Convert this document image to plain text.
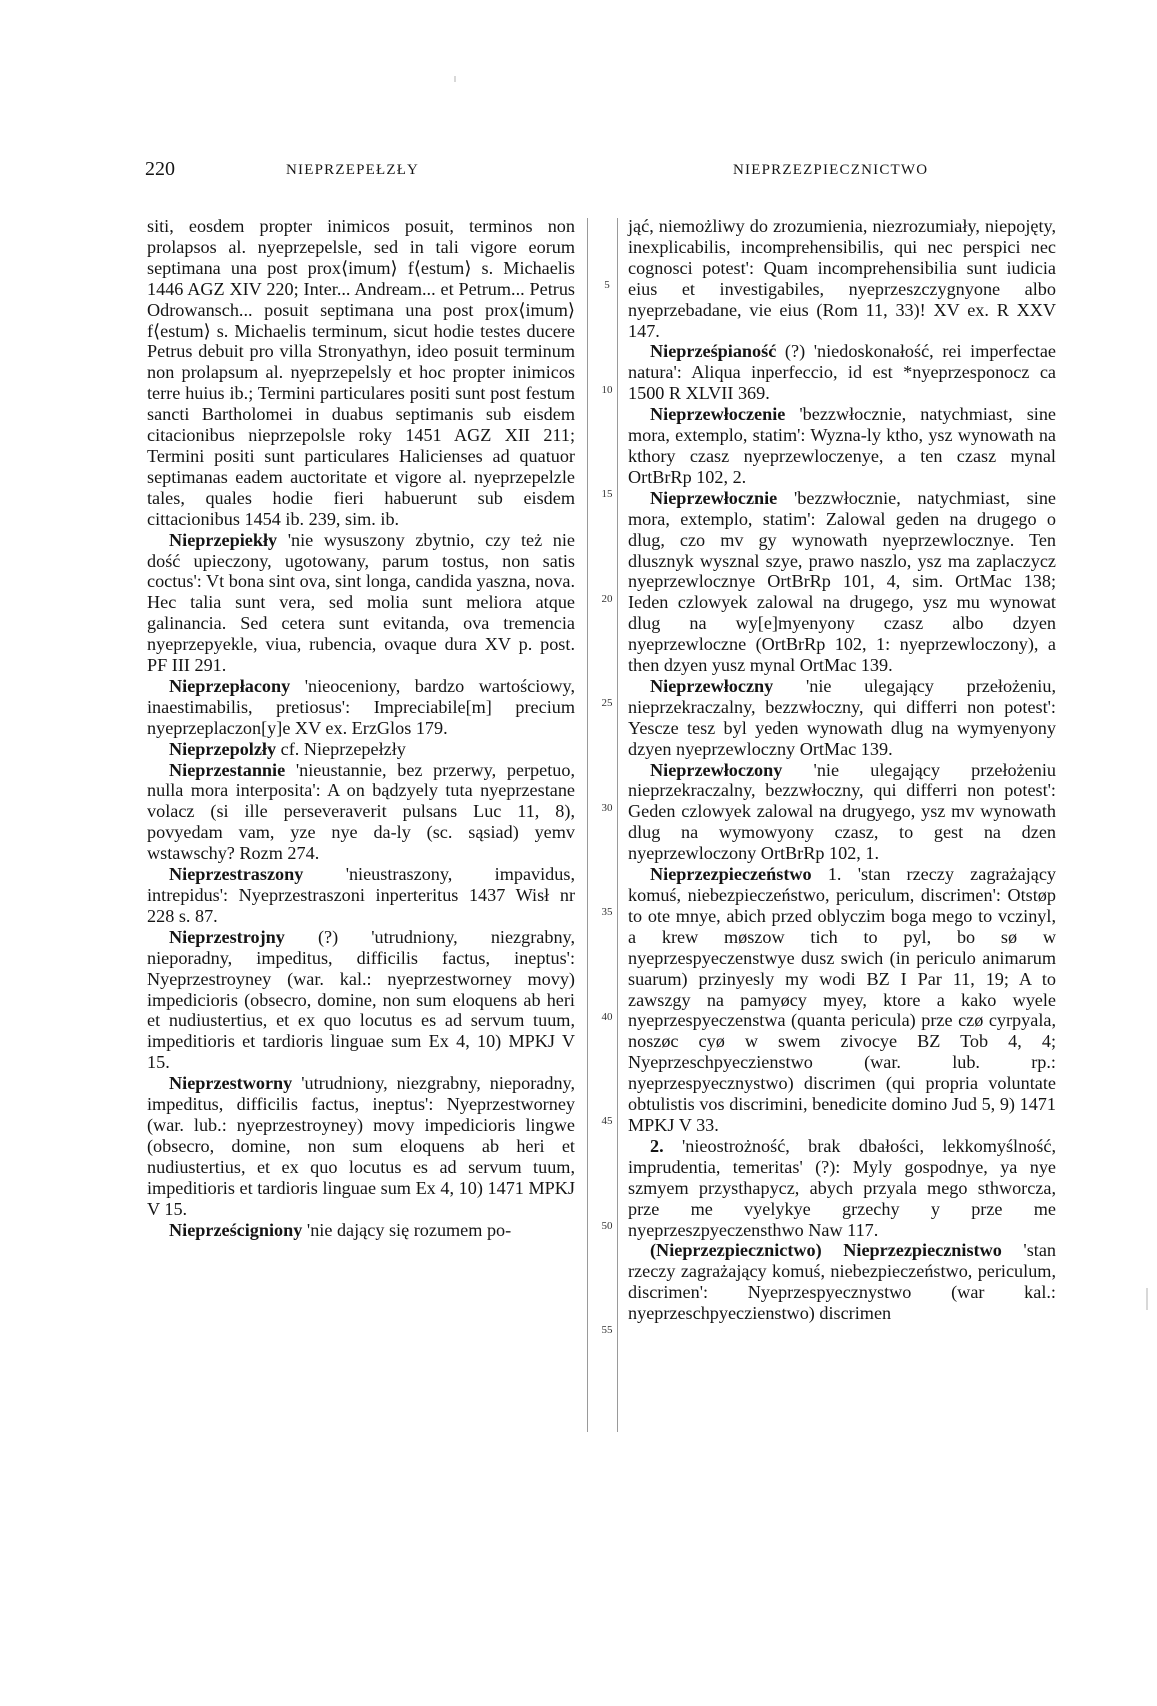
220	NIEPRZEPEŁZŁY	NIEPRZEZPIECZNICTWO
5
10
15
20
25
30
35
40
45
50
55

siti, eosdem propter inimicos posuit, terminos non prolapsos al. nyeprzepelsle, sed in tali vigore eorum septimana una post prox⟨imum⟩ f⟨estum⟩ s. Michaelis 1446 AGZ XIV 220; Inter... Andream... et Petrum... Petrus Odrowansch... posuit septimana una post prox⟨imum⟩ f⟨estum⟩ s. Michaelis terminum, sicut hodie testes ducere Petrus debuit pro villa Stronyathyn, ideo posuit terminum non prolapsum al. nyeprzepelsly et hoc propter inimicos terre huius ib.; Termini particulares positi sunt post festum sancti Bartholomei in duabus septimanis sub eisdem citacionibus nieprzepolsle roky 1451 AGZ XII 211; Termini positi sunt particulares Halicienses ad quatuor septimanas eadem auctoritate et vigore al. nyeprzepelzle tales, quales hodie fieri habuerunt sub eisdem cittacionibus 1454 ib. 239, sim. ib.

Nieprzepiekły 'nie wysuszony zbytnio, czy też nie dość upieczony, ugotowany, parum tostus, non satis coctus': Vt bona sint ova, sint longa, candida yaszna, nova. Hec talia sunt vera, sed molia sunt meliora atque galinancia. Sed cetera sunt evitanda, ova tremencia nyeprzepyekle, viua, rubencia, ovaque dura XV p. post. PF III 291.

Nieprzepłacony 'nieoceniony, bardzo wartościowy, inaestimabilis, pretiosus': Impreciabile[m] precium nyeprzeplaczon[y]e XV ex. ErzGlos 179.

Nieprzepolzły cf. Nieprzepełzły

Nieprzestannie 'nieustannie, bez przerwy, perpetuo, nulla mora interposita': A on bądzyely tuta nyeprzestane volacz (si ille perseveraverit pulsans Luc 11, 8), povyedam vam, yze nye da-ly (sc. sąsiad) yemv wstawschy? Rozm 274.

Nieprzestraszony 'nieustraszony, impavidus, intrepidus': Nyeprzestraszoni inperteritus 1437 Wisł nr 228 s. 87.

Nieprzestrojny (?) 'utrudniony, niezgrabny, nieporadny, impeditus, difficilis factus, ineptus': Nyeprzestroyney (war. kal.: nyeprzestworney movy) impedicioris (obsecro, domine, non sum eloquens ab heri et nudiustertius, et ex quo locutus es ad servum tuum, impeditioris et tardioris linguae sum Ex 4, 10) MPKJ V 15.

Nieprzestworny 'utrudniony, niezgrabny, nieporadny, impeditus, difficilis factus, ineptus': Nyeprzestworney (war. lub.: nyeprzestroyney) movy impedicioris lingwe (obsecro, domine, non sum eloquens ab heri et nudiustertius, et ex quo locutus es ad servum tuum, impeditioris et tardioris linguae sum Ex 4, 10) 1471 MPKJ V 15.

Nieprześcigniony 'nie dający się rozumem po-

jąć, niemożliwy do zrozumienia, niezrozumiały, niepojęty, inexplicabilis, incomprehensibilis, qui nec perspici nec cognosci potest': Quam incomprehensibilia sunt iudicia eius et investigabiles, nyeprzeszczygnyone albo nyeprzebadane, vie eius (Rom 11, 33)! XV ex. R XXV 147.

Nieprześpianość (?) 'niedoskonałość, rei imperfectae natura': Aliqua inperfeccio, id est *nyeprzesponocz ca 1500 R XLVII 369.

Nieprzewłoczenie 'bezzwłocznie, natychmiast, sine mora, extemplo, statim': Wyzna-ly ktho, ysz wynowath na kthory czasz nyeprzewloczenye, a ten czasz mynal OrtBrRp 102, 2.

Nieprzewłocznie 'bezzwłocznie, natychmiast, sine mora, extemplo, statim': Zalowal geden na drugego o dlug, czo mv gy wynowath nyeprzewlocznye. Ten dlusznyk wysznal szye, prawo naszlo, ysz ma zaplaczycz nyeprzewlocznye OrtBrRp 101, 4, sim. OrtMac 138; Ieden czlowyek zalowal na drugego, ysz mu wynowat dlug na wy[e]myenyony czasz albo dzyen nyeprzewloczne (OrtBrRp 102, 1: nyeprzewloczony), a then dzyen yusz mynal OrtMac 139.

Nieprzewłoczny 'nie ulegający przełożeniu, nieprzekraczalny, bezzwłoczny, qui differri non potest': Yescze tesz byl yeden wynowath dlug na wymyenyony dzyen nyeprzewloczny OrtMac 139.

Nieprzewłoczony 'nie ulegający przełożeniu nieprzekraczalny, bezzwłoczny, qui differri non potest': Geden czlowyek zalowal na drugyego, ysz mv wynowath dlug na wymowyony czasz, to gest na dzen nyeprzewloczony OrtBrRp 102, 1.

Nieprzezpieczeństwo 1. 'stan rzeczy zagrażający komuś, niebezpieczeństwo, periculum, discrimen': Otstøp to ote mnye, abich przed oblyczim boga mego to vczinyl, a krew møszow tich to pyl, bo sø w nyeprzespyeczenstwye dusz swich (in periculo animarum suarum) przinyesly my wodi BZ I Par 11, 19; A to zawszgy na pamyøcy myey, ktore a kako wyele nyeprzespyeczenstwa (quanta pericula) prze czø cyrpyala, noszøc cyø w swem zivocye BZ Tob 4, 4; Nyeprzeschpyeczienstwo (war. lub. rp.: nyeprzespyecznystwo) discrimen (qui propria voluntate obtulistis vos discrimini, benedicite domino Jud 5, 9) 1471 MPKJ V 33.

2. 'nieostrożność, brak dbałości, lekkomyślność, imprudentia, temeritas' (?): Myly gospodnye, ya nye szmyem przysthapycz, abych przyala mego sthworcza, prze me vyelykye grzechy y prze me nyeprzeszpyeczensthwo Naw 117.

(Nieprzezpiecznictwo) Nieprzezpiecznistwo 'stan rzeczy zagrażający komuś, niebezpieczeństwo, periculum, discrimen': Nyeprzespyecznystwo (war kal.: nyeprzeschpyeczienstwo) discrimen
